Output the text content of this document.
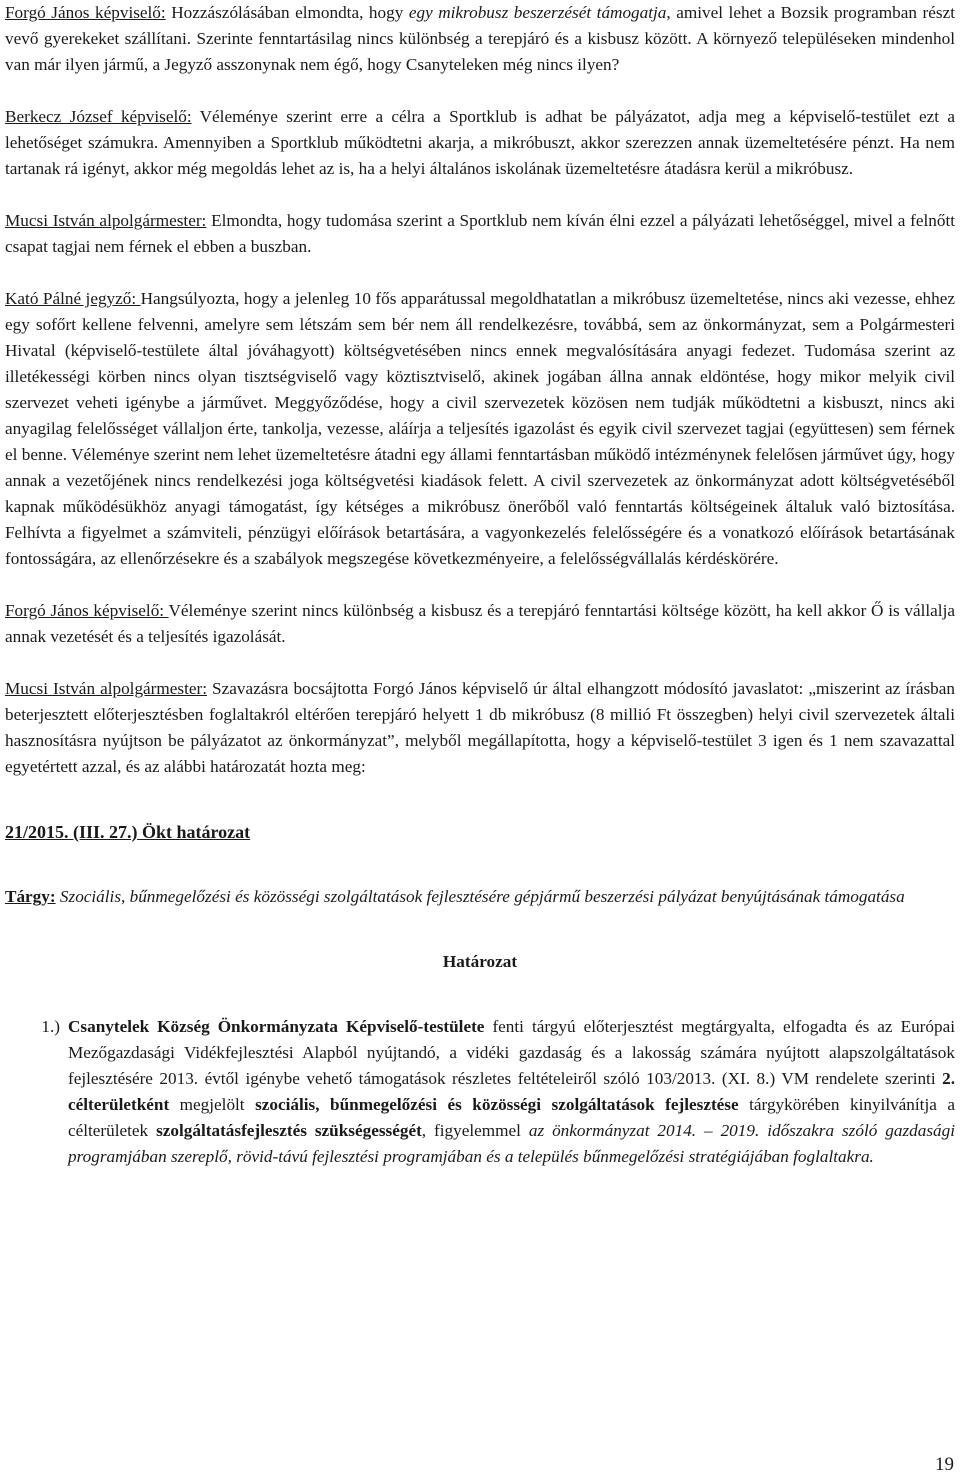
Forgó János képviselő: Hozzászólásában elmondta, hogy egy mikrobusz beszerzését támogatja, amivel lehet a Bozsik programban részt vevő gyerekeket szállítani. Szerinte fenntartásilag nincs különbség a terepjáró és a kisbusz között. A környező településeken mindenhol van már ilyen jármű, a Jegyző asszonynak nem égő, hogy Csanyteleken még nincs ilyen?

Berkecz József képviselő: Véleménye szerint erre a célra a Sportklub is adhat be pályázatot, adja meg a képviselő-testület ezt a lehetőséget számukra. Amennyiben a Sportklub működtetni akarja, a mikróbuszt, akkor szerezzen annak üzemeltetésére pénzt. Ha nem tartanak rá igényt, akkor még megoldás lehet az is, ha a helyi általános iskolának üzemeltetésre átadásra kerül a mikróbusz.

Mucsi István alpolgármester: Elmondta, hogy tudomása szerint a Sportklub nem kíván élni ezzel a pályázati lehetőséggel, mivel a felnőtt csapat tagjai nem férnek el ebben a buszban.

Kató Pálné jegyző: Hangsúlyozta, hogy a jelenleg 10 fős apparátussal megoldhatatlan a mikróbusz üzemeltetése, nincs aki vezesse, ehhez egy sofőrt kellene felvenni, amelyre sem létszám sem bér nem áll rendelkezésre, továbbá, sem az önkormányzat, sem a Polgármesteri Hivatal (képviselő-testülete által jóváhagyott) költségvetésében nincs ennek megvalósítására anyagi fedezet. Tudomása szerint az illetékességi körben nincs olyan tisztségviselő vagy köztisztviselő, akinek jogában állna annak eldöntése, hogy mikor melyik civil szervezet veheti igénybe a járművet. Meggyőződése, hogy a civil szervezetek közösen nem tudják működtetni a kisbuszt, nincs aki anyagilag felelősséget vállaljon érte, tankolja, vezesse, aláírja a teljesítés igazolást és egyik civil szervezet tagjai (együttesen) sem férnek el benne. Véleménye szerint nem lehet üzemeltetésre átadni egy állami fenntartásban működő intézménynek felelősen járművet úgy, hogy annak a vezetőjének nincs rendelkezési joga költségvetési kiadások felett. A civil szervezetek az önkormányzat adott költségvetéséből kapnak működésükhöz anyagi támogatást, így kétséges a mikróbusz önerőből való fenntartás költségeinek általuk való biztosítása. Felhívta a figyelmet a számviteli, pénzügyi előírások betartására, a vagyonkezelés felelősségére és a vonatkozó előírások betartásának fontosságára, az ellenőrzésekre és a szabályok megszegése következményeire, a felelősségvállalás kérdéskörére.

Forgó János képviselő: Véleménye szerint nincs különbség a kisbusz és a terepjáró fenntartási költsége között, ha kell akkor Ő is vállalja annak vezetését és a teljesítés igazolását.

Mucsi István alpolgármester: Szavazásra bocsájtotta Forgó János képviselő úr által elhangzott módosító javaslatot: „miszerint az írásban beterjesztett előterjesztésben foglaltakról eltérően terepjáró helyett 1 db mikróbusz (8 millió Ft összegben) helyi civil szervezetek általi hasznosításra nyújtson be pályázatot az önkormányzat”, melyből megállapította, hogy a képviselő-testület 3 igen és 1 nem szavazattal egyetértett azzal, és az alábbi határozatát hozta meg:

21/2015. (III. 27.) Ökt határozat

Tárgy: Szociális, bűnmegelőzési és közösségi szolgáltatások fejlesztésére gépjármű beszerzési pályázat benyújtásának támogatása

Határozat

1.) Csanytelek Község Önkormányzata Képviselő-testülete fenti tárgyú előterjesztést megtárgyalta, elfogadta és az Európai Mezőgazdasági Vidékfejlesztési Alapból nyújtandó, a vidéki gazdaság és a lakosság számára nyújtott alapszolgáltatások fejlesztésére 2013. évtől igénybe vehető támogatások részletes feltételeiről szóló 103/2013. (XI. 8.) VM rendelete szerinti 2. célterületként megjelölt szociális, bűnmegelőzési és közösségi szolgáltatások fejlesztése tárgykörében kinyilvánítja a célterületek szolgáltatásfejlesztés szükségességét, figyelemmel az önkormányzat 2014. – 2019. időszakra szóló gazdasági programjában szereplő, rövid-távú fejlesztési programjában és a település bűnmegelőzési stratégiájában foglaltakra.

19
